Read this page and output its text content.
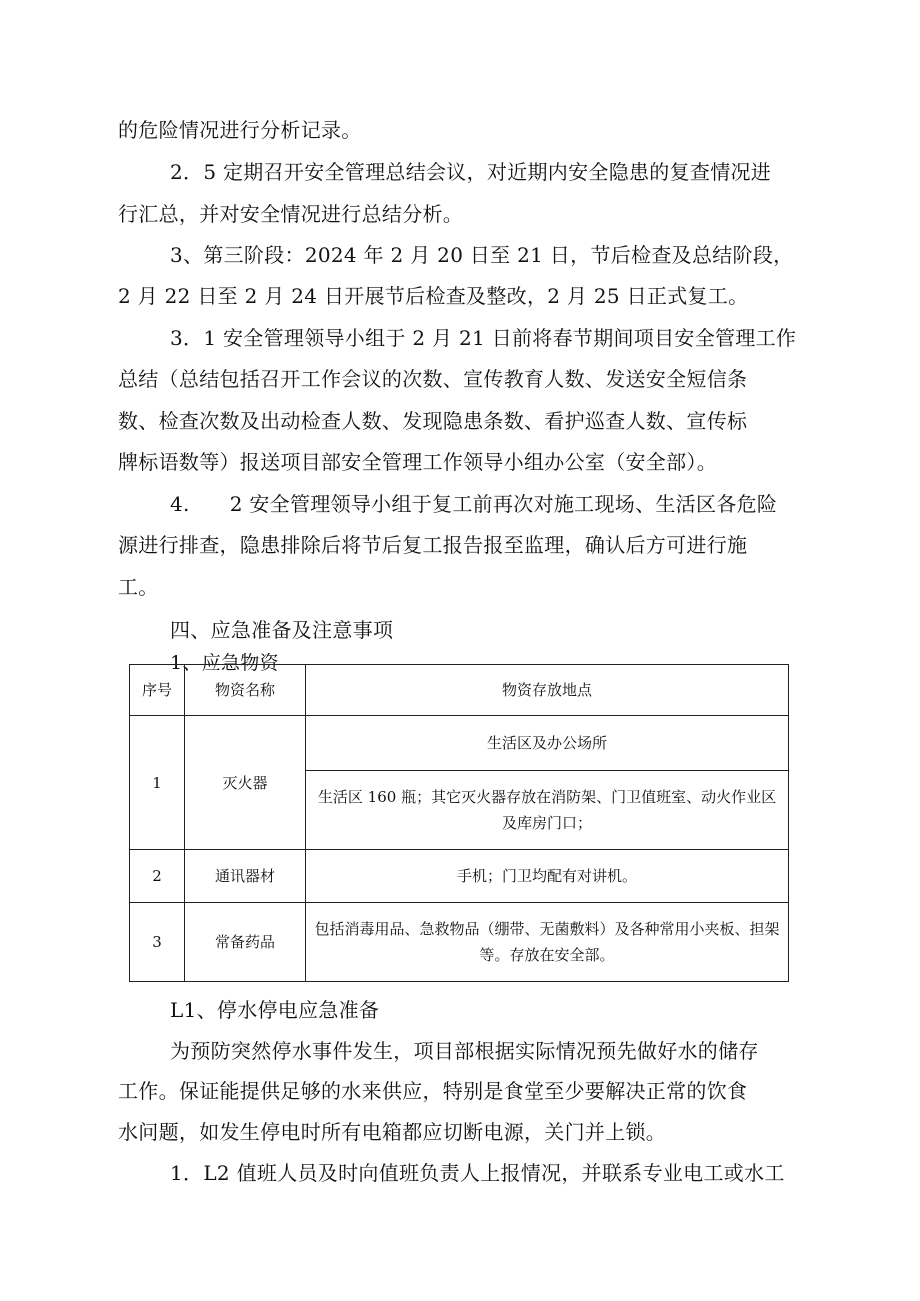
的危险情况进行分析记录。
2．5 定期召开安全管理总结会议，对近期内安全隐患的复查情况进
行汇总，并对安全情况进行总结分析。
3、第三阶段：2024 年 2 月 20 日至 21 日，节后检查及总结阶段，
2 月 22 日至 2 月 24 日开展节后检查及整改，2 月 25 日正式复工。
3．1 安全管理领导小组于 2 月 21 日前将春节期间项目安全管理工作
总结（总结包括召开工作会议的次数、宣传教育人数、发送安全短信条
数、检查次数及出动检查人数、发现隐患条数、看护巡查人数、宣传标
牌标语数等）报送项目部安全管理工作领导小组办公室（安全部）。
4. 2 安全管理领导小组于复工前再次对施工现场、生活区各危险
源进行排查，隐患排除后将节后复工报告报至监理，确认后方可进行施
工。
四、应急准备及注意事项
1、应急物资
序号	物资名称	物资存放地点
1	灭火器	生活区及办公场所
		生活区 160 瓶；其它灭火器存放在消防架、门卫值班室、动火作业区及库房门口；
2	通讯器材	手机；门卫均配有对讲机。
3	常备药品	包括消毒用品、急救物品（绷带、无菌敷料）及各种常用小夹板、担架等。存放在安全部。
L1、停水停电应急准备
为预防突然停水事件发生，项目部根据实际情况预先做好水的储存
工作。保证能提供足够的水来供应，特别是食堂至少要解决正常的饮食
水问题，如发生停电时所有电箱都应切断电源，关门并上锁。
1．L2 值班人员及时向值班负责人上报情况，并联系专业电工或水工
